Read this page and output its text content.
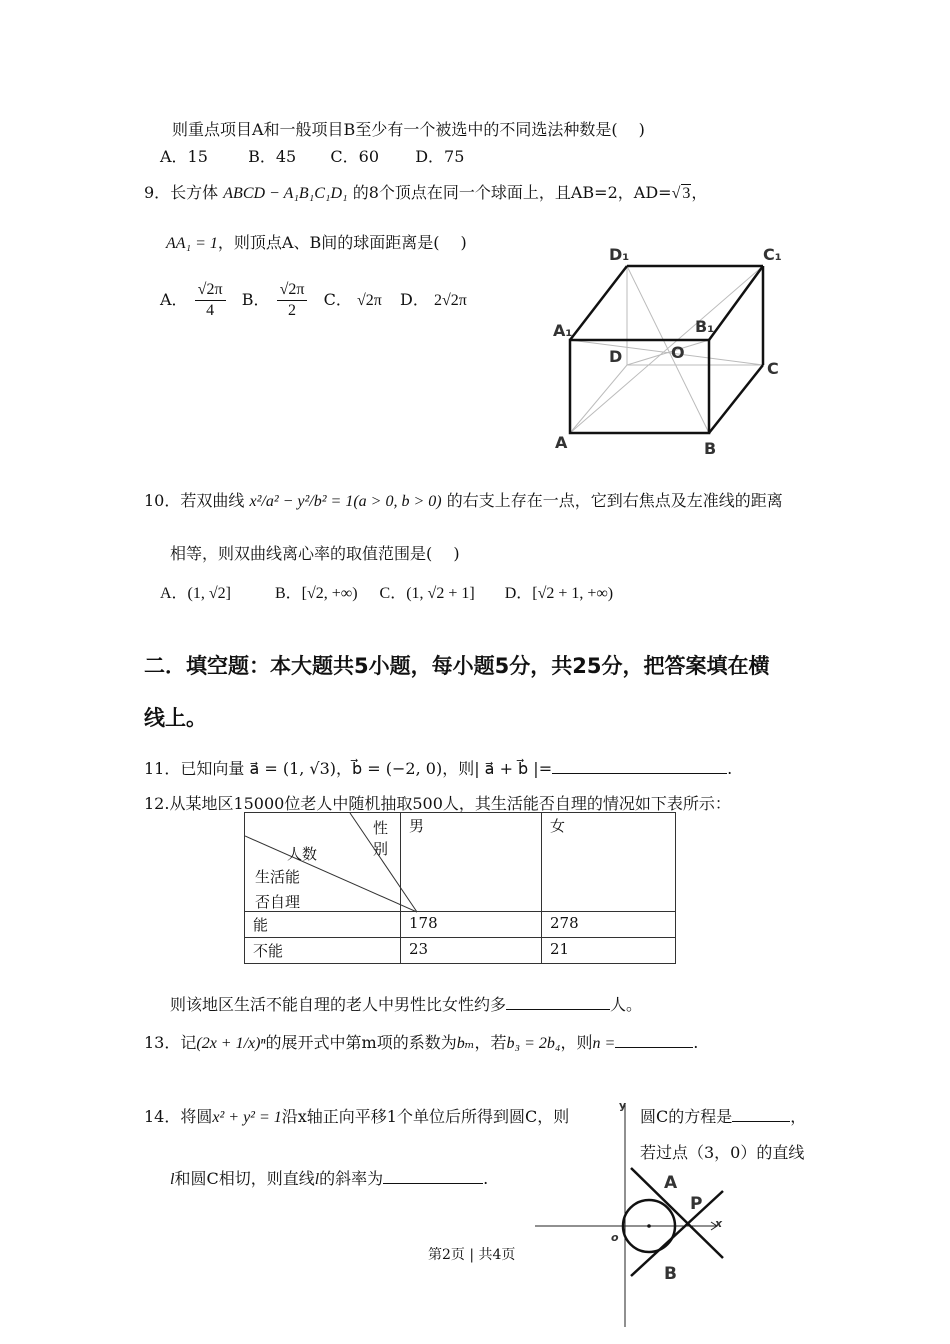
则重点项目A和一般项目B至少有一个被选中的不同选法种数是(　 )
A．15	B．45 C．60 D．75
9．长方体 ABCD − A₁B₁C₁D₁ 的8个顶点在同一个球面上，且AB=2，AD=√ 3，
AA₁ = 1，则顶点A、B间的球面距离是(　 )
A． $\frac{√2\pi}{4}$ B． $\frac{√2\pi}{2}$ C． √2π D． 2√2π
D₁	C₁
A₁	B₁
D	O
C
A	B
10．若双曲线 x²/a² − y²/b² = 1(a > 0, b > 0) 的右支上存在一点，它到右焦点及左准线的距离
相等，则双曲线离心率的取值范围是(　 )
A．(1, √2]	B．[√2, +∞) C．(1, √2 + 1] D．[√2 + 1, +∞)
二．填空题：本大题共5小题，每小题5分，共25分，把答案填在横
线上。
11．已知向量 a⃗ = (1, √3)，b⃗ = (−2, 0)，则| a⃗ + b⃗ |=	.
12.从某地区15000位老人中随机抽取500人，其生活能否自理的情况如下表所示：
性别
人数
生活能
否自理	男	女
能	178	278
不能	23	21
则该地区生活不能自理的老人中男性比女性约多	人。
13．记(2x + 1/x)ⁿ的展开式中第m项的系数为bₘ，若b₃ = 2b₄，则n =	.
14．将圆x² + y² = 1沿x轴正向平移1个单位后所得到圆C，则	圆C的方程是	，
若过点（3，0）的直线
l和圆C相切，则直线l的斜率为	.
y
x
o
A
P
B
第2页 | 共4页
